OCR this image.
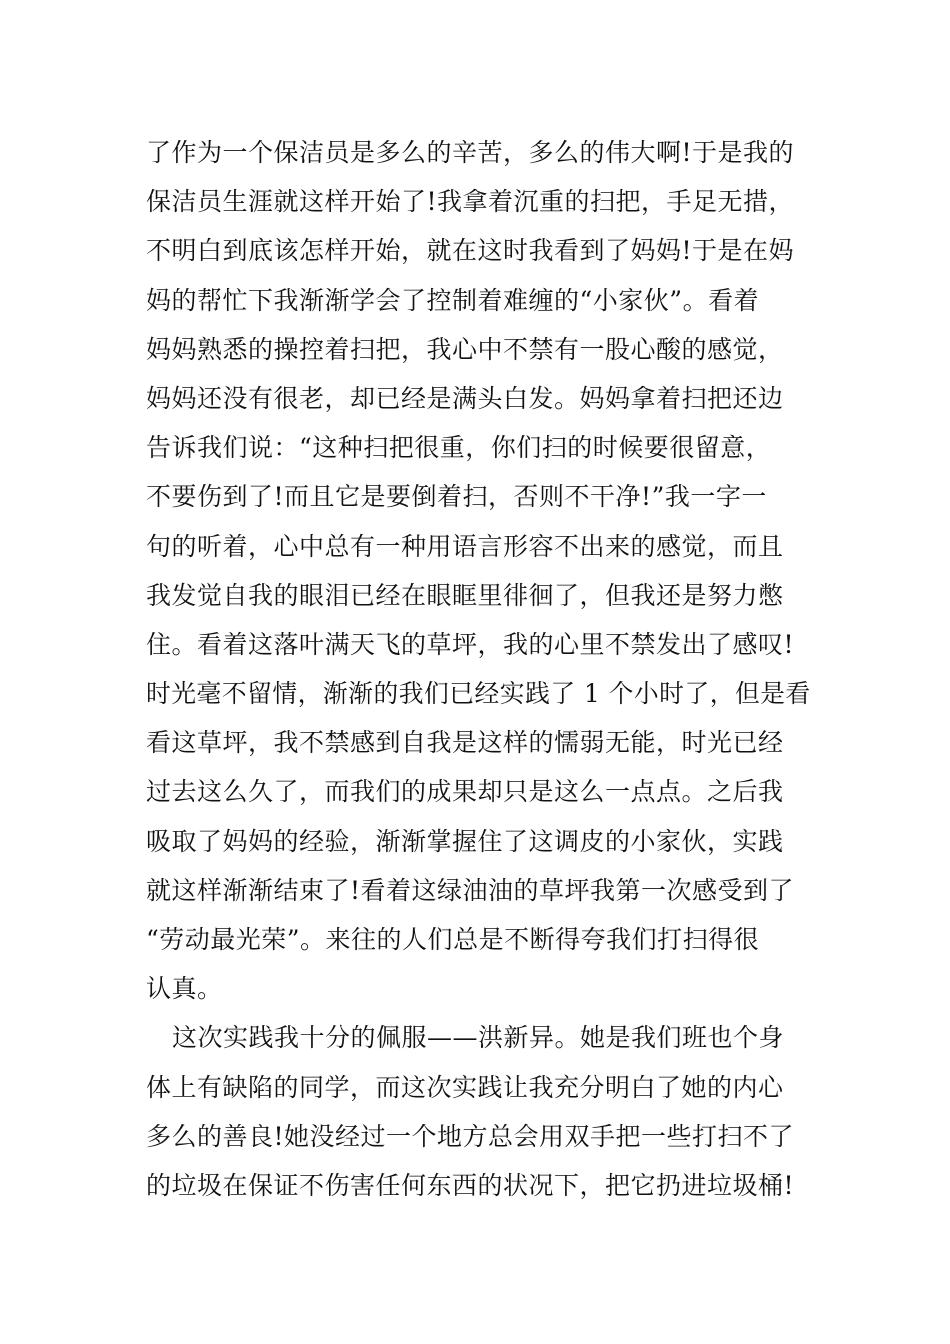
了作为一个保洁员是多么的辛苦，多么的伟大啊!于是我的
保洁员生涯就这样开始了!我拿着沉重的扫把，手足无措，
不明白到底该怎样开始，就在这时我看到了妈妈!于是在妈
妈的帮忙下我渐渐学会了控制着难缠的“小家伙”。看着
妈妈熟悉的操控着扫把，我心中不禁有一股心酸的感觉，
妈妈还没有很老，却已经是满头白发。妈妈拿着扫把还边
告诉我们说：“这种扫把很重，你们扫的时候要很留意，
不要伤到了!而且它是要倒着扫，否则不干净!”我一字一
句的听着，心中总有一种用语言形容不出来的感觉，而且
我发觉自我的眼泪已经在眼眶里徘徊了，但我还是努力憋
住。看着这落叶满天飞的草坪，我的心里不禁发出了感叹!
时光毫不留情，渐渐的我们已经实践了 1 个小时了，但是看
看这草坪，我不禁感到自我是这样的懦弱无能，时光已经
过去这么久了，而我们的成果却只是这么一点点。之后我
吸取了妈妈的经验，渐渐掌握住了这调皮的小家伙，实践
就这样渐渐结束了!看着这绿油油的草坪我第一次感受到了
“劳动最光荣”。来往的人们总是不断得夸我们打扫得很
认真。
这次实践我十分的佩服——洪新异。她是我们班也个身
体上有缺陷的同学，而这次实践让我充分明白了她的内心
多么的善良!她没经过一个地方总会用双手把一些打扫不了
的垃圾在保证不伤害任何东西的状况下，把它扔进垃圾桶!
